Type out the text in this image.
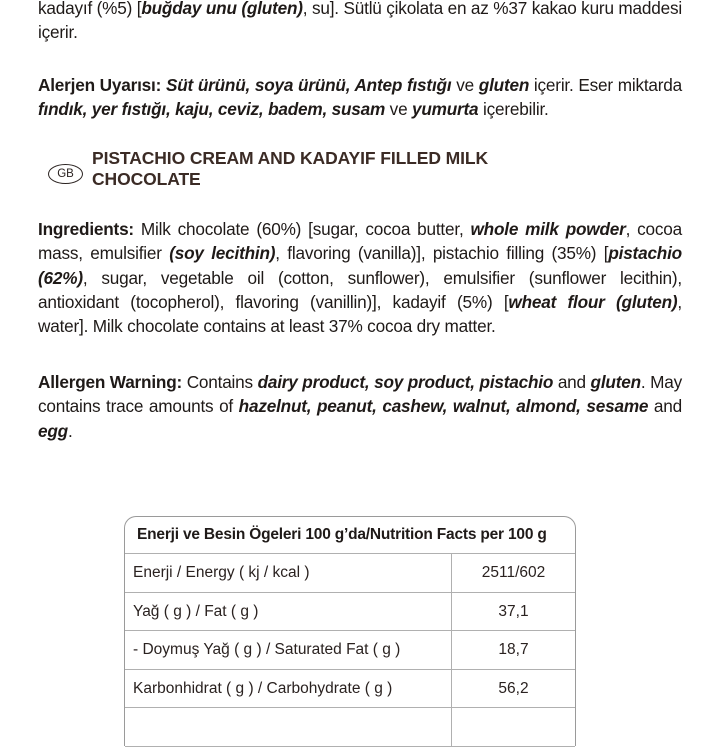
kadayıf (%5) [buğday unu (gluten), su]. Sütlü çikolata en az %37 kakao kuru maddesi içerir.
Alerjen Uyarısı: Süt ürünü, soya ürünü, Antep fıstığı ve gluten içerir. Eser miktarda fındık, yer fıstığı, kaju, ceviz, badem, susam ve yumurta içerebilir.
GB
PISTACHIO CREAM AND KADAYIF FILLED MILK CHOCOLATE
Ingredients: Milk chocolate (60%) [sugar, cocoa butter, whole milk powder, cocoa mass, emulsifier (soy lecithin), flavoring (vanilla)], pistachio filling (35%) [pistachio (62%), sugar, vegetable oil (cotton, sunflower), emulsifier (sunflower lecithin), antioxidant (tocopherol), flavoring (vanillin)], kadayif (5%) [wheat flour (gluten), water]. Milk chocolate contains at least 37% cocoa dry matter.
Allergen Warning: Contains dairy product, soy product, pistachio and gluten. May contains trace amounts of hazelnut, peanut, cashew, walnut, almond, sesame and egg.
Enerji ve Besin Ögeleri 100 g’da/Nutrition Facts per 100 g
Enerji / Energy ( kj / kcal )	2511/602
Yağ ( g ) / Fat ( g )	37,1
- Doymuş Yağ ( g ) / Saturated Fat ( g )	18,7
Karbonhidrat ( g ) / Carbohydrate ( g )	56,2
